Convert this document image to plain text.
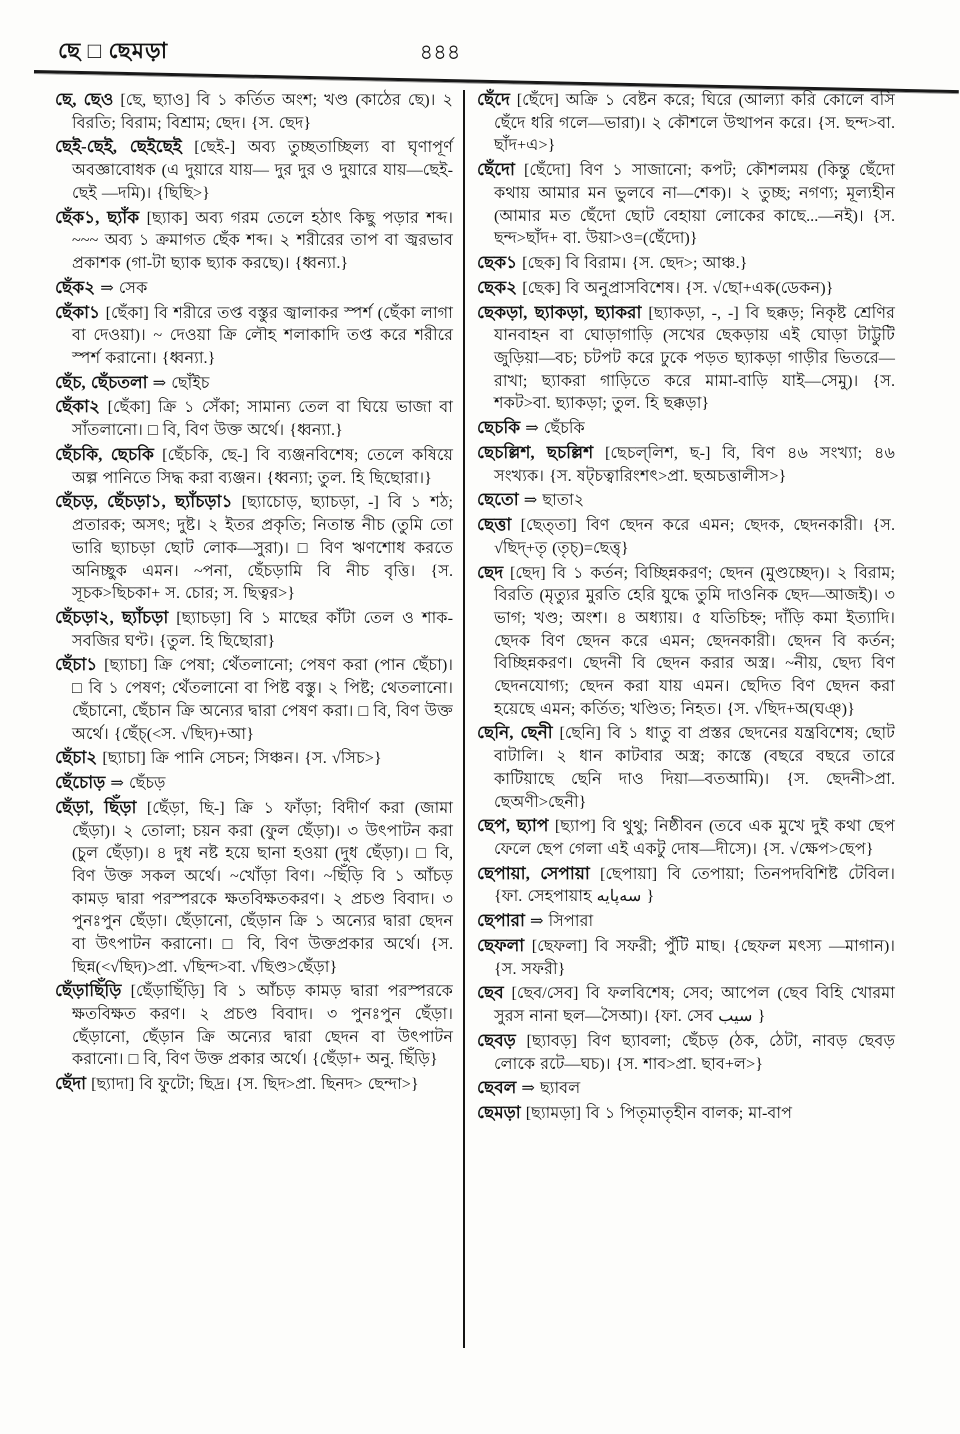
ছে □ ছেমড়া	৪৪৪

ছে, ছেও [ছে, ছ্যাও] বি ১ কর্তিত অংশ; খণ্ড (কাঠের ছে)। ২ বিরতি; বিরাম; বিশ্রাম; ছেদ। {স. ছেদ}

ছেই-ছেই, ছেইছেই [ছেই-] অব্য তুচ্ছতাচ্ছিল্য বা ঘৃণাপূর্ণ অবজ্ঞাবোধক (এ দুয়ারে যায়— দুর দুর ও দুয়ারে যায়—ছেই-ছেই —দমি)। {ছিছি>}

ছেঁক১, ছ্যাঁক [ছ্যাক] অব্য গরম তেলে হঠাৎ কিছু পড়ার শব্দ। ~~~ অব্য ১ ক্রমাগত ছেঁক শব্দ। ২ শরীরের তাপ বা জ্বরভাব প্রকাশক (গা-টা ছ্যাক ছ্যাক করছে)। {ধ্বন্যা.}

ছেঁক২ ⇒ সেক

ছেঁকা১ [ছেঁকা] বি শরীরে তপ্ত বস্তুর জ্বালাকর স্পর্শ (ছেঁকা লাগা বা দেওয়া)। ~ দেওয়া ক্রি লৌহ শলাকাদি তপ্ত করে শরীরে স্পর্শ করানো। {ধ্বন্যা.}

ছেঁচ, ছেঁচতলা ⇒ ছোঁইচ

ছেঁকা২ [ছেঁকা] ক্রি ১ সেঁকা; সামান্য তেল বা ঘিয়ে ভাজা বা সাঁতলানো। □ বি, বিণ উক্ত অর্থে। {ধ্বন্যা.}

ছেঁচকি, ছেচকি [ছেঁচকি, ছে-] বি ব্যঞ্জনবিশেষ; তেলে কষিয়ে অল্প পানিতে সিদ্ধ করা ব্যঞ্জন। {ধ্বন্যা; তুল. হি ছিছোরা।}

ছেঁচড়, ছেঁচড়া১, ছ্যাঁচড়া১ [ছ্যাচোড়, ছ্যাচড়া, -] বি ১ শঠ; প্রতারক; অসৎ; দুষ্ট। ২ ইতর প্রকৃতি; নিতান্ত নীচ (তুমি তো ভারি ছ্যাচড়া ছোট লোক—সুরা)। □ বিণ ঋণশোধ করতে অনিচ্ছুক এমন। ~পনা, ছেঁচড়ামি বি নীচ বৃত্তি। {স. সূচক>ছিচকা+ স. চোর; স. ছিত্বর>}

ছেঁচড়া২, ছ্যাঁচড়া [ছ্যাচড়া] বি ১ মাছের কাঁটা তেল ও শাক-সবজির ঘণ্ট। {তুল. হি ছিছোরা}

ছেঁচা১ [ছ্যাচা] ক্রি পেষা; থেঁতলানো; পেষণ করা (পান ছেঁচা)। □ বি ১ পেষণ; থেঁতলানো বা পিষ্ট বস্তু। ২ পিষ্ট; থেতলানো। ছেঁচানো, ছেঁচান ক্রি অন্যের দ্বারা পেষণ করা। □ বি, বিণ উক্ত অর্থে। {ছেঁচ্(<স. √ছিদ)+আ}

ছেঁচা২ [ছ্যাচা] ক্রি পানি সেচন; সিঞ্চন। {স. √সিচ>}

ছেঁচোড় ⇒ ছেঁচড়

ছেঁড়া, ছিঁড়া [ছেঁড়া, ছি-] ক্রি ১ ফাঁড়া; বিদীর্ণ করা (জামা ছেঁড়া)। ২ তোলা; চয়ন করা (ফুল ছেঁড়া)। ৩ উৎপাটন করা (চুল ছেঁড়া)। ৪ দুধ নষ্ট হয়ে ছানা হওয়া (দুধ ছেঁড়া)। □ বি, বিণ উক্ত সকল অর্থে। ~খোঁড়া বিণ। ~ছিঁড়ি বি ১ আঁচড় কামড় দ্বারা পরস্পরকে ক্ষতবিক্ষতকরণ। ২ প্রচণ্ড বিবাদ। ৩ পুনঃপুন ছেঁড়া। ছেঁড়ানো, ছেঁড়ান ক্রি ১ অন্যের দ্বারা ছেদন বা উৎপাটন করানো। □ বি, বিণ উক্তপ্রকার অর্থে। {স. ছিন্ন(<√ছিদ)>প্রা. √ছিন্দ>বা. √ছিণ্ড>ছেঁড়া}

ছেঁড়াছিঁড়ি [ছেঁড়াছিঁড়ি] বি ১ আঁচড় কামড় দ্বারা পরস্পরকে ক্ষতবিক্ষত করণ। ২ প্রচণ্ড বিবাদ। ৩ পুনঃপুন ছেঁড়া। ছেঁড়ানো, ছেঁড়ান ক্রি অন্যের দ্বারা ছেদন বা উৎপাটন করানো। □ বি, বিণ উক্ত প্রকার অর্থে। {ছেঁড়া+ অনু. ছিঁড়ি}

ছেঁদা [ছ্যাদা] বি ফুটো; ছিদ্র। {স. ছিদ>প্রা. ছিনদ> ছেন্দা>}

ছেঁদে [ছেঁদে] অক্রি ১ বেষ্টন করে; ঘিরে (আল্যা করি কোলে বসি ছেঁদে ধরি গলে—ভারা)। ২ কৌশলে উত্থাপন করে। {স. ছন্দ>বা. ছাঁদ+এ>}

ছেঁদো [ছেঁদো] বিণ ১ সাজানো; কপট; কৌশলময় (কিন্তু ছেঁদো কথায় আমার মন ভুলবে না—শেক)। ২ তুচ্ছ; নগণ্য; মূল্যহীন (আমার মত ছেঁদো ছোট বেহায়া লোকের কাছে...—নই)। {স. ছন্দ>ছাঁদ+ বা. উয়া>ও=(ছেঁদো)}

ছেক১ [ছেক] বি বিরাম। {স. ছেদ>; আঞ্চ.}

ছেক২ [ছেক] বি অনুপ্রাসবিশেষ। {স. √ছো+এক(ডেকন)}

ছেকড়া, ছ্যাকড়া, ছ্যাকরা [ছ্যাকড়া, -, -] বি ছক্কড়; নিকৃষ্ট শ্রেণির যানবাহন বা ঘোড়াগাড়ি (সখের ছেকড়ায় এই ঘোড়া টাট্টুটি জুড়িয়া—বচ; চটপট করে ঢুকে পড়ত ছ্যাকড়া গাড়ীর ভিতরে—রাখা; ছ্যাকরা গাড়িতে করে মামা-বাড়ি যাই—সেমু)। {স. শকট>বা. ছ্যাকড়া; তুল. হি ছক্কড়া}

ছেচকি ⇒ ছেঁচকি

ছেচল্লিশ, ছচল্লিশ [ছেচল্‌লিশ, ছ-] বি, বিণ ৪৬ সংখ্যা; ৪৬ সংখ্যক। {স. ষট্‌চত্বারিংশৎ>প্রা. ছঅচত্তালীস>}

ছেতো ⇒ ছাতা২

ছেত্তা [ছেত্‌তা] বিণ ছেদন করে এমন; ছেদক, ছেদনকারী। {স. √ছিদ্‌+তৃ (তৃচ্)=ছেত্তৃ}

ছেদ [ছেদ] বি ১ কর্তন; বিচ্ছিন্নকরণ; ছেদন (মুণ্ডচ্ছেদ)। ২ বিরাম; বিরতি (মৃত্যুর মুরতি হেরি যুদ্ধে তুমি দাওনিক ছেদ—আজই)। ৩ ভাগ; খণ্ড; অংশ। ৪ অধ্যায়। ৫ যতিচিহ্ন; দাঁড়ি কমা ইত্যাদি। ছেদক বিণ ছেদন করে এমন; ছেদনকারী। ছেদন বি কর্তন; বিচ্ছিন্নকরণ। ছেদনী বি ছেদন করার অস্ত্র। ~নীয়, ছেদ্য বিণ ছেদনযোগ্য; ছেদন করা যায় এমন। ছেদিত বিণ ছেদন করা হয়েছে এমন; কর্তিত; খণ্ডিত; নিহত। {স. √ছিদ+অ(ঘঞ্)}

ছেনি, ছেনী [ছেনি] বি ১ ধাতু বা প্রস্তর ছেদনের যন্ত্রবিশেষ; ছোট বাটালি। ২ ধান কাটবার অস্ত্র; কাস্তে (বছরে বছরে তারে কাটিয়াছে ছেনি দাও দিয়া—বতআমি)। {স. ছেদনী>প্রা. ছেঅণী>ছেনী}

ছেপ, ছ্যাপ [ছ্যাপ] বি থুথু; নিষ্ঠীবন (তবে এক মুখে দুই কথা ছেপ ফেলে ছেপ গেলা এই একটু দোষ—দীসে)। {স. √ক্ষেপ>ছেপ}

ছেপায়া, সেপায়া [ছেপায়া] বি তেপায়া; তিনপদবিশিষ্ট টেবিল। {ফা. সেহপায়াহ سه‌پایه }

ছেপারা ⇒ সিপারা

ছেফলা [ছেফলা] বি সফরী; পুঁটি মাছ। {ছেফল মৎস্য —মাগান)। {স. সফরী}

ছেব [ছেব/সেব] বি ফলবিশেষ; সেব; আপেল (ছেব বিহি খোরমা সুরস নানা ছল—সৈআ)। {ফা. সেব سيب }

ছেবড় [ছ্যাবড়] বিণ ছ্যাবলা; ছেঁচড় (ঠক, ঠেটা, নাবড় ছেবড় লোকে রটে—ঘচ)। {স. শাব>প্রা. ছাব+ল>}

ছেবল ⇒ ছ্যাবল

ছেমড়া [ছ্যামড়া] বি ১ পিতৃমাতৃহীন বালক; মা-বাপ
